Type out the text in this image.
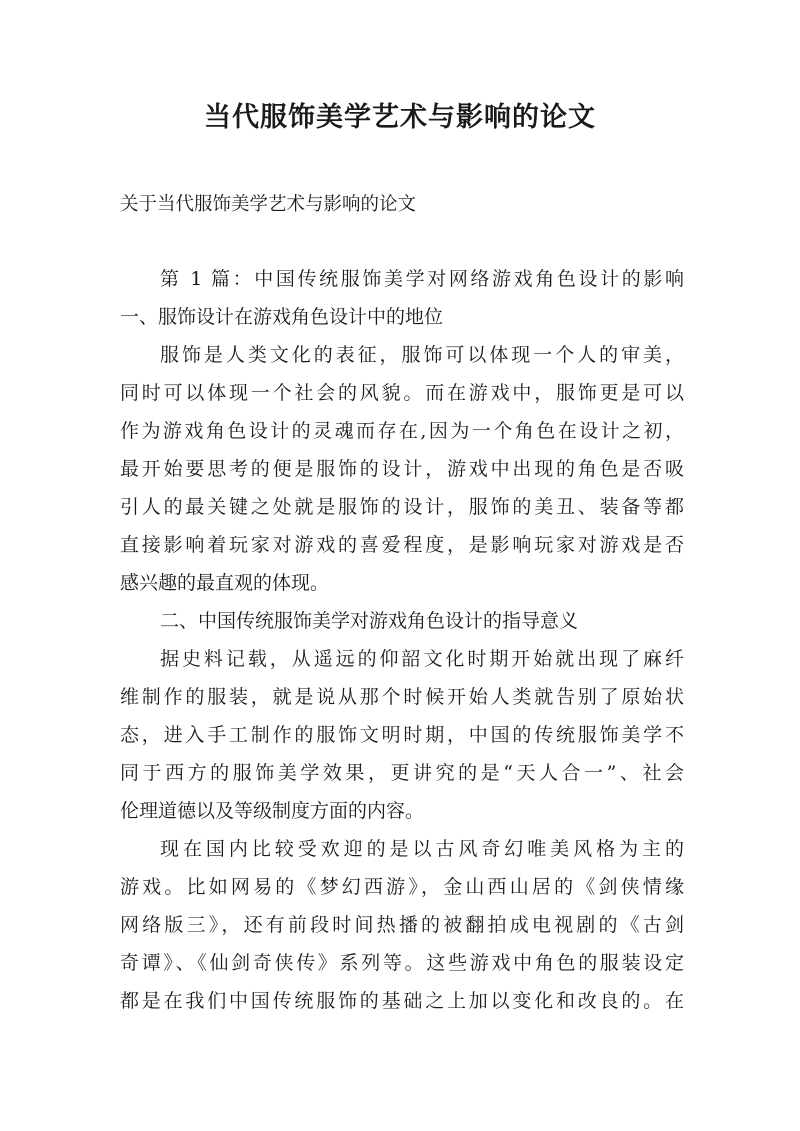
当代服饰美学艺术与影响的论文
关于当代服饰美学艺术与影响的论文
第 1 篇：中国传统服饰美学对网络游戏角色设计的影响
一、服饰设计在游戏角色设计中的地位
服饰是人类文化的表征，服饰可以体现一个人的审美，
同时可以体现一个社会的风貌。而在游戏中，服饰更是可以
作为游戏角色设计的灵魂而存在,因为一个角色在设计之初，
最开始要思考的便是服饰的设计，游戏中出现的角色是否吸
引人的最关键之处就是服饰的设计，服饰的美丑、装备等都
直接影响着玩家对游戏的喜爱程度，是影响玩家对游戏是否
感兴趣的最直观的体现。
二、中国传统服饰美学对游戏角色设计的指导意义
据史料记载，从遥远的仰韶文化时期开始就出现了麻纤
维制作的服装，就是说从那个时候开始人类就告别了原始状
态，进入手工制作的服饰文明时期，中国的传统服饰美学不
同于西方的服饰美学效果，更讲究的是“天人合一”、社会
伦理道德以及等级制度方面的内容。
现在国内比较受欢迎的是以古风奇幻唯美风格为主的
游戏。比如网易的《梦幻西游》，金山西山居的《剑侠情缘
网络版三》，还有前段时间热播的被翻拍成电视剧的《古剑
奇谭》、《仙剑奇侠传》系列等。这些游戏中角色的服装设定
都是在我们中国传统服饰的基础之上加以变化和改良的。在
